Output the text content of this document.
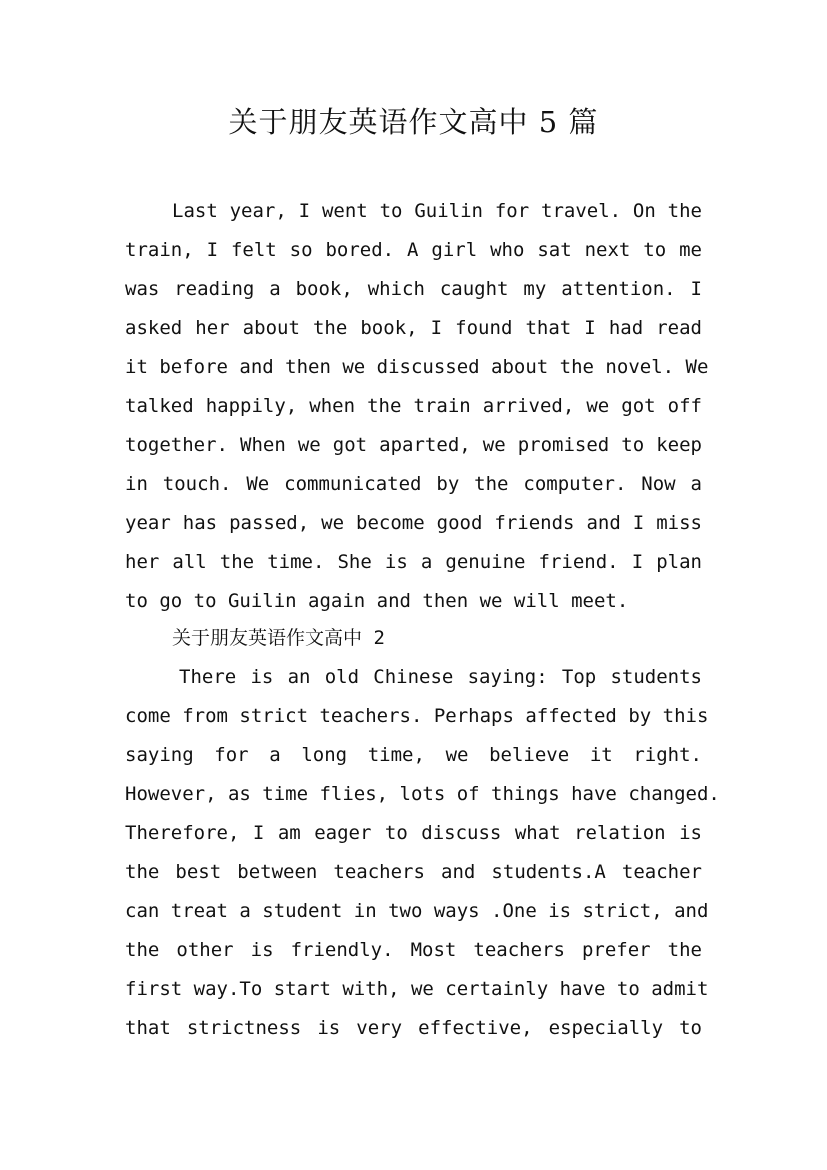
关于朋友英语作文高中 5 篇
Last year, I went to Guilin for travel. On the
train, I felt so bored. A girl who sat next to me
was reading a book, which caught my attention. I
asked her about the book, I found that I had read
it before and then we discussed about the novel. We
talked happily, when the train arrived, we got off
together. When we got aparted, we promised to keep
in touch. We communicated by the computer. Now a
year has passed, we become good friends and I miss
her all the time. She is a genuine friend. I plan
to go to Guilin again and then we will meet.
关于朋友英语作文高中 2
There is an old Chinese saying: Top students
come from strict teachers. Perhaps affected by this
saying for a long time, we believe it right.
However, as time flies, lots of things have changed.
Therefore, I am eager to discuss what relation is
the best between teachers and students.A teacher
can treat a student in two ways .One is strict, and
the other is friendly. Most teachers prefer the
first way.To start with, we certainly have to admit
that strictness is very effective, especially to
